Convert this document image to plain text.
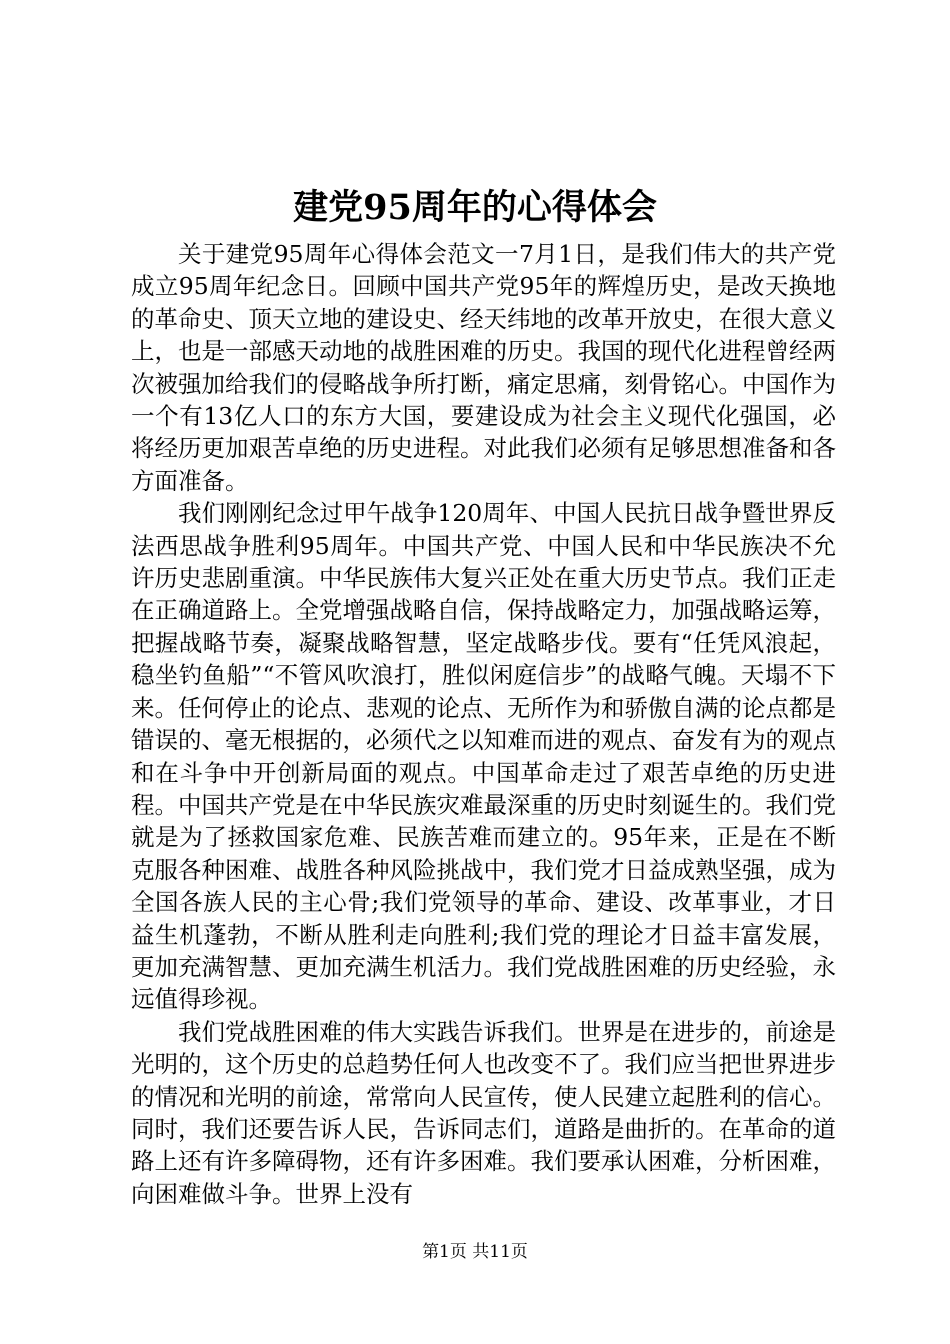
建党95周年的心得体会

关于建党95周年心得体会范文一7月1日，是我们伟大的共产党成立95周年纪念日。回顾中国共产党95年的辉煌历史，是改天换地的革命史、顶天立地的建设史、经天纬地的改革开放史，在很大意义上，也是一部感天动地的战胜困难的历史。我国的现代化进程曾经两次被强加给我们的侵略战争所打断，痛定思痛，刻骨铭心。中国作为一个有13亿人口的东方大国，要建设成为社会主义现代化强国，必将经历更加艰苦卓绝的历史进程。对此我们必须有足够思想准备和各方面准备。

我们刚刚纪念过甲午战争120周年、中国人民抗日战争暨世界反法西思战争胜利95周年。中国共产党、中国人民和中华民族决不允许历史悲剧重演。中华民族伟大复兴正处在重大历史节点。我们正走在正确道路上。全党增强战略自信，保持战略定力，加强战略运筹，把握战略节奏，凝聚战略智慧，坚定战略步伐。要有“任凭风浪起，稳坐钓鱼船”“不管风吹浪打，胜似闲庭信步”的战略气魄。天塌不下来。任何停止的论点、悲观的论点、无所作为和骄傲自满的论点都是错误的、毫无根据的，必须代之以知难而进的观点、奋发有为的观点和在斗争中开创新局面的观点。中国革命走过了艰苦卓绝的历史进程。中国共产党是在中华民族灾难最深重的历史时刻诞生的。我们党就是为了拯救国家危难、民族苦难而建立的。95年来，正是在不断克服各种困难、战胜各种风险挑战中，我们党才日益成熟坚强，成为全国各族人民的主心骨;我们党领导的革命、建设、改革事业，才日益生机蓬勃，不断从胜利走向胜利;我们党的理论才日益丰富发展，更加充满智慧、更加充满生机活力。我们党战胜困难的历史经验，永远值得珍视。

我们党战胜困难的伟大实践告诉我们。世界是在进步的，前途是光明的，这个历史的总趋势任何人也改变不了。我们应当把世界进步的情况和光明的前途，常常向人民宣传，使人民建立起胜利的信心。同时，我们还要告诉人民，告诉同志们，道路是曲折的。在革命的道路上还有许多障碍物，还有许多困难。我们要承认困难，分析困难，向困难做斗争。世界上没有

第1页 共11页
